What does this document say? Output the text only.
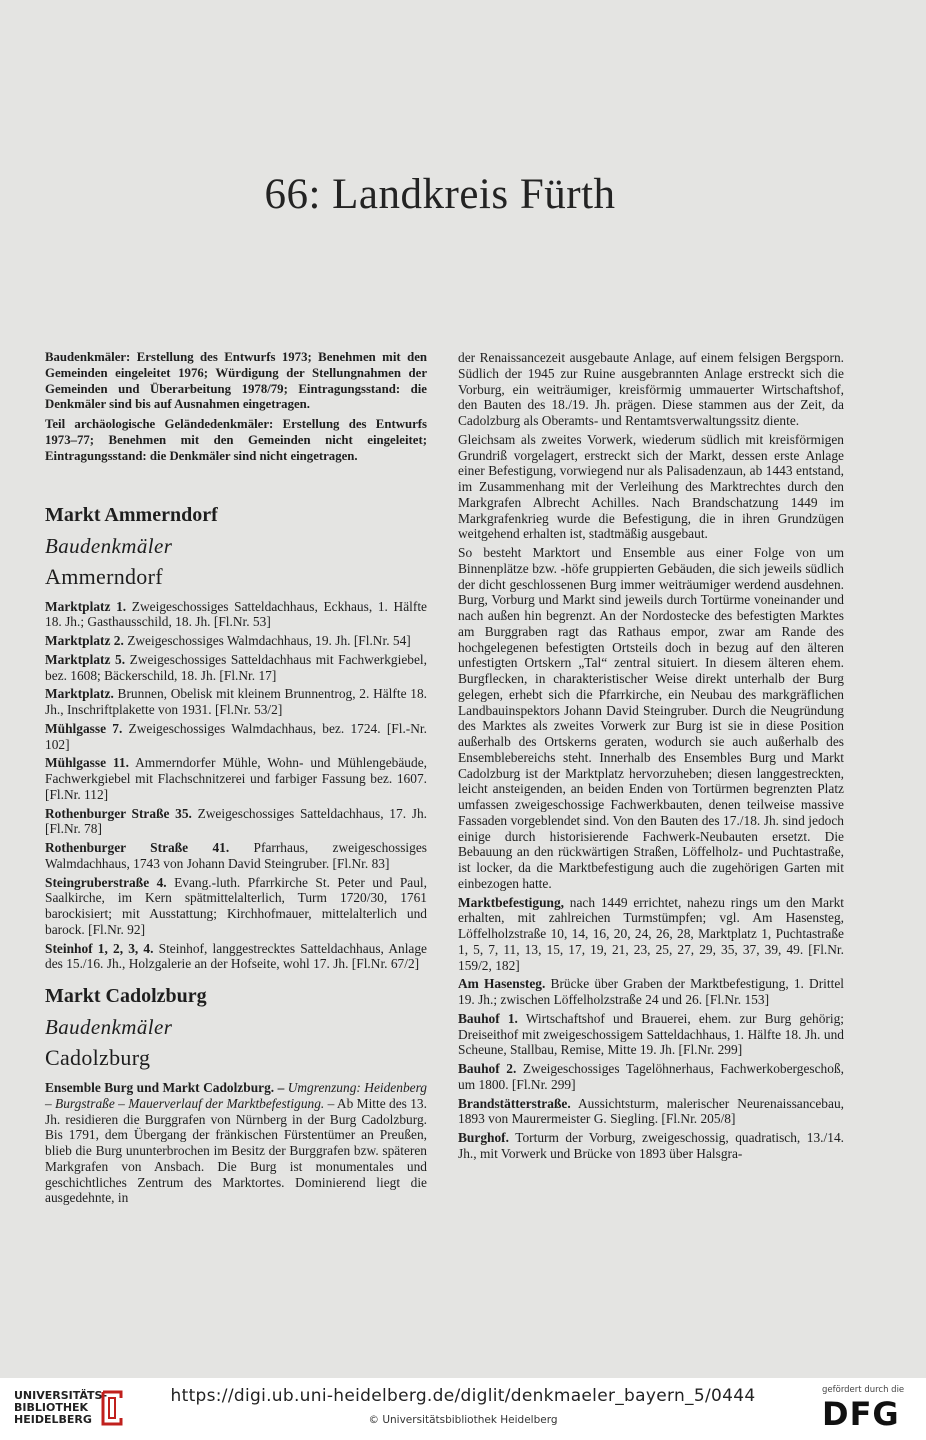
66: Landkreis Fürth

Baudenkmäler: Erstellung des Entwurfs 1973; Benehmen mit den Gemeinden eingeleitet 1976; Würdigung der Stellungnahmen der Gemeinden und Überarbeitung 1978/79; Eintragungsstand: die Denkmäler sind bis auf Ausnahmen eingetragen.

Teil archäologische Geländedenkmäler: Erstellung des Entwurfs 1973–77; Benehmen mit den Gemeinden nicht eingeleitet; Eintragungsstand: die Denkmäler sind nicht eingetragen.

Markt Ammerndorf

Baudenkmäler

Ammerndorf

Marktplatz 1. Zweigeschossiges Satteldachhaus, Eckhaus, 1. Hälfte 18. Jh.; Gasthausschild, 18. Jh. [Fl.Nr. 53]

Marktplatz 2. Zweigeschossiges Walmdachhaus, 19. Jh. [Fl.Nr. 54]

Marktplatz 5. Zweigeschossiges Satteldachhaus mit Fachwerkgiebel, bez. 1608; Bäckerschild, 18. Jh. [Fl.Nr. 17]

Marktplatz. Brunnen, Obelisk mit kleinem Brunnentrog, 2. Hälfte 18. Jh., Inschriftplakette von 1931. [Fl.Nr. 53/2]

Mühlgasse 7. Zweigeschossiges Walmdachhaus, bez. 1724. [Fl.-Nr. 102]

Mühlgasse 11. Ammerndorfer Mühle, Wohn- und Mühlengebäude, Fachwerkgiebel mit Flachschnitzerei und farbiger Fassung bez. 1607. [Fl.Nr. 112]

Rothenburger Straße 35. Zweigeschossiges Satteldachhaus, 17. Jh. [Fl.Nr. 78]

Rothenburger Straße 41. Pfarrhaus, zweigeschossiges Walmdachhaus, 1743 von Johann David Steingruber. [Fl.Nr. 83]

Steingruberstraße 4. Evang.-luth. Pfarrkirche St. Peter und Paul, Saalkirche, im Kern spätmittelalterlich, Turm 1720/30, 1761 barockisiert; mit Ausstattung; Kirchhofmauer, mittelalterlich und barock. [Fl.Nr. 92]

Steinhof 1, 2, 3, 4. Steinhof, langgestrecktes Satteldachhaus, Anlage des 15./16. Jh., Holzgalerie an der Hofseite, wohl 17. Jh. [Fl.Nr. 67/2]

Markt Cadolzburg

Baudenkmäler

Cadolzburg

Ensemble Burg und Markt Cadolzburg. – Umgrenzung: Heidenberg – Burgstraße – Mauerverlauf der Marktbefestigung. – Ab Mitte des 13. Jh. residieren die Burggrafen von Nürnberg in der Burg Cadolzburg. Bis 1791, dem Übergang der fränkischen Fürstentümer an Preußen, blieb die Burg ununterbrochen im Besitz der Burggrafen bzw. späteren Markgrafen von Ansbach. Die Burg ist monumentales und geschichtliches Zentrum des Marktortes. Dominierend liegt die ausgedehnte, in

der Renaissancezeit ausgebaute Anlage, auf einem felsigen Bergsporn. Südlich der 1945 zur Ruine ausgebrannten Anlage erstreckt sich die Vorburg, ein weiträumiger, kreisförmig ummauerter Wirtschaftshof, den Bauten des 18./19. Jh. prägen. Diese stammen aus der Zeit, da Cadolzburg als Oberamts- und Rentamtsverwaltungssitz diente.

Gleichsam als zweites Vorwerk, wiederum südlich mit kreisförmigen Grundriß vorgelagert, erstreckt sich der Markt, dessen erste Anlage einer Befestigung, vorwiegend nur als Palisadenzaun, ab 1443 entstand, im Zusammenhang mit der Verleihung des Marktrechtes durch den Markgrafen Albrecht Achilles. Nach Brandschatzung 1449 im Markgrafenkrieg wurde die Befestigung, die in ihren Grundzügen weitgehend erhalten ist, stadtmäßig ausgebaut.

So besteht Marktort und Ensemble aus einer Folge von um Binnenplätze bzw. -höfe gruppierten Gebäuden, die sich jeweils südlich der dicht geschlossenen Burg immer weiträumiger werdend ausdehnen. Burg, Vorburg und Markt sind jeweils durch Tortürme voneinander und nach außen hin begrenzt. An der Nordostecke des befestigten Marktes am Burggraben ragt das Rathaus empor, zwar am Rande des hochgelegenen befestigten Ortsteils doch in bezug auf den älteren unfestigten Ortskern „Tal“ zentral situiert. In diesem älteren ehem. Burgflecken, in charakteristischer Weise direkt unterhalb der Burg gelegen, erhebt sich die Pfarrkirche, ein Neubau des markgräflichen Landbauinspektors Johann David Steingruber. Durch die Neugründung des Marktes als zweites Vorwerk zur Burg ist sie in diese Position außerhalb des Ortskerns geraten, wodurch sie auch außerhalb des Ensemblebereichs steht. Innerhalb des Ensembles Burg und Markt Cadolzburg ist der Marktplatz hervorzuheben; diesen langgestreckten, leicht ansteigenden, an beiden Enden von Tortürmen begrenzten Platz umfassen zweigeschossige Fachwerkbauten, denen teilweise massive Fassaden vorgeblendet sind. Von den Bauten des 17./18. Jh. sind jedoch einige durch historisierende Fachwerk-Neubauten ersetzt. Die Bebauung an den rückwärtigen Straßen, Löffelholz- und Puchtastraße, ist locker, da die Marktbefestigung auch die zugehörigen Garten mit einbezogen hatte.

Marktbefestigung, nach 1449 errichtet, nahezu rings um den Markt erhalten, mit zahlreichen Turmstümpfen; vgl. Am Hasensteg, Löffelholzstraße 10, 14, 16, 20, 24, 26, 28, Marktplatz 1, Puchtastraße 1, 5, 7, 11, 13, 15, 17, 19, 21, 23, 25, 27, 29, 35, 37, 39, 49. [Fl.Nr. 159/2, 182]

Am Hasensteg. Brücke über Graben der Marktbefestigung, 1. Drittel 19. Jh.; zwischen Löffelholzstraße 24 und 26. [Fl.Nr. 153]

Bauhof 1. Wirtschaftshof und Brauerei, ehem. zur Burg gehörig; Dreiseithof mit zweigeschossigem Satteldachhaus, 1. Hälfte 18. Jh. und Scheune, Stallbau, Remise, Mitte 19. Jh. [Fl.Nr. 299]

Bauhof 2. Zweigeschossiges Tagelöhnerhaus, Fachwerkobergeschoß, um 1800. [Fl.Nr. 299]

Brandstätterstraße. Aussichtsturm, malerischer Neurenaissancebau, 1893 von Maurermeister G. Siegling. [Fl.Nr. 205/8]

Burghof. Torturm der Vorburg, zweigeschossig, quadratisch, 13./14. Jh., mit Vorwerk und Brücke von 1893 über Halsgra-

UNIVERSITÄTS-
BIBLIOTHEK
HEIDELBERG
https://digi.ub.uni-heidelberg.de/diglit/denkmaeler_bayern_5/0444
© Universitätsbibliothek Heidelberg
gefördert durch die
DFG
